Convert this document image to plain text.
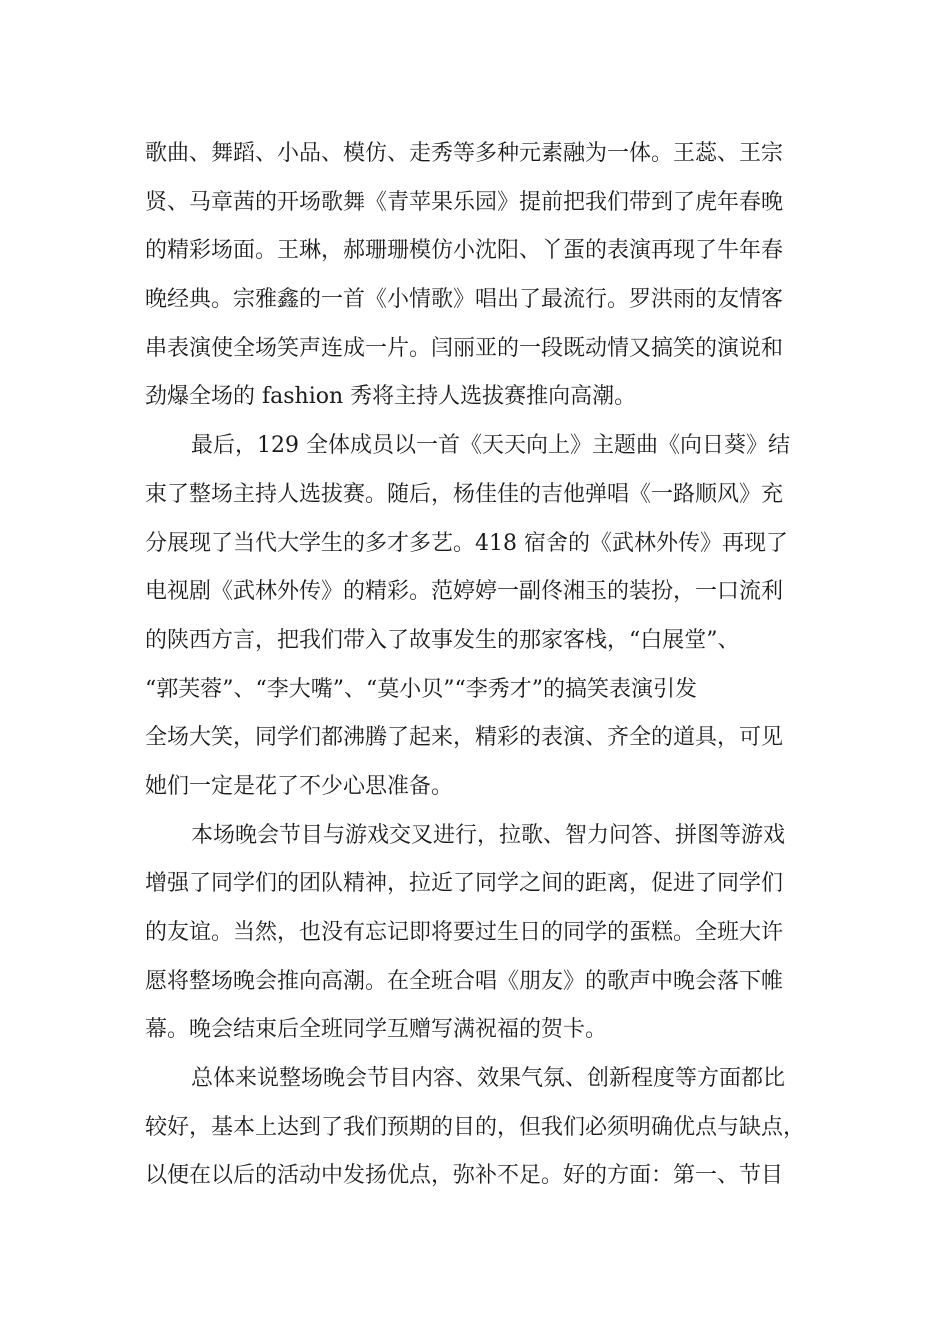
歌曲、舞蹈、小品、模仿、走秀等多种元素融为一体。王蕊、王宗
贤、马章茜的开场歌舞《青苹果乐园》提前把我们带到了虎年春晚
的精彩场面。王琳，郝珊珊模仿小沈阳、丫蛋的表演再现了牛年春
晚经典。宗雅鑫的一首《小情歌》唱出了最流行。罗洪雨的友情客
串表演使全场笑声连成一片。闫丽亚的一段既动情又搞笑的演说和
劲爆全场的 fashion 秀将主持人选拔赛推向高潮。
最后，129 全体成员以一首《天天向上》主题曲《向日葵》结
束了整场主持人选拔赛。随后，杨佳佳的吉他弹唱《一路顺风》充
分展现了当代大学生的多才多艺。418 宿舍的《武林外传》再现了
电视剧《武林外传》的精彩。范婷婷一副佟湘玉的装扮，一口流利
的陕西方言，把我们带入了故事发生的那家客栈，“白展堂”、
“郭芙蓉”、“李大嘴”、“莫小贝”“李秀才”的搞笑表演引发
全场大笑，同学们都沸腾了起来，精彩的表演、齐全的道具，可见
她们一定是花了不少心思准备。
本场晚会节目与游戏交叉进行，拉歌、智力问答、拼图等游戏
增强了同学们的团队精神，拉近了同学之间的距离，促进了同学们
的友谊。当然，也没有忘记即将要过生日的同学的蛋糕。全班大许
愿将整场晚会推向高潮。在全班合唱《朋友》的歌声中晚会落下帷
幕。晚会结束后全班同学互赠写满祝福的贺卡。
总体来说整场晚会节目内容、效果气氛、创新程度等方面都比
较好，基本上达到了我们预期的目的，但我们必须明确优点与缺点，
以便在以后的活动中发扬优点，弥补不足。好的方面：第一、节目
